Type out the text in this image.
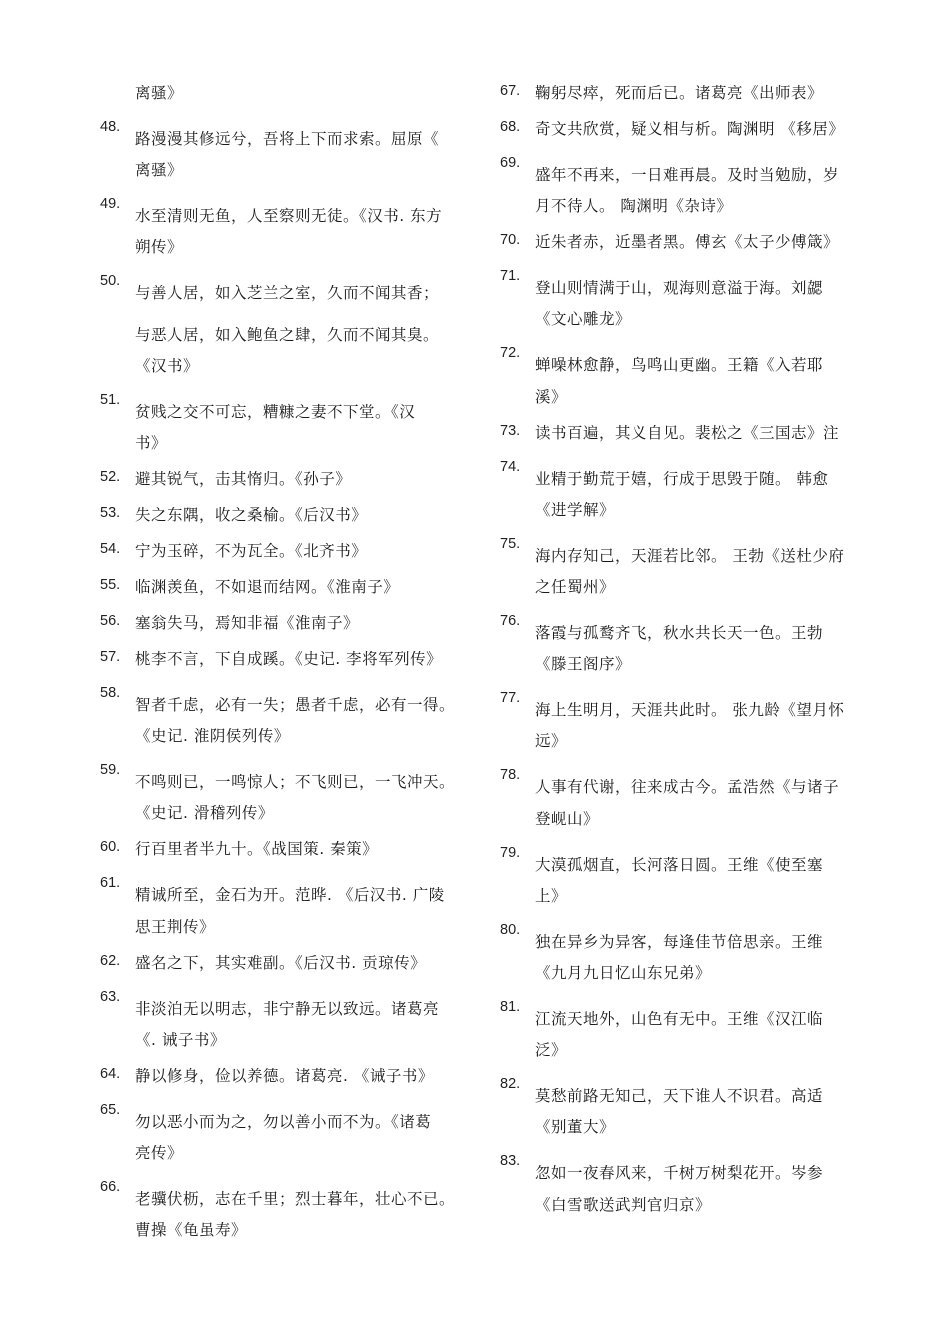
离骚》
48.
路漫漫其修远兮，吾将上下而求索。屈原《
离骚》
49.
水至清则无鱼，人至察则无徒。《汉书. 东方
朔传》
50.
与善人居，如入芝兰之室，久而不闻其香；
与恶人居，如入鲍鱼之肆，久而不闻其臭。
《汉书》
51.
贫贱之交不可忘，糟糠之妻不下堂。《汉
书》
52. 避其锐气，击其惰归。《孙子》
53. 失之东隅，收之桑榆。《后汉书》
54. 宁为玉碎，不为瓦全。《北齐书》
55. 临渊羡鱼，不如退而结网。《淮南子》
56. 塞翁失马，焉知非福《淮南子》
57. 桃李不言，下自成蹊。《史记. 李将军列传》
58.
智者千虑，必有一失；愚者千虑，必有一得。
《史记. 淮阴侯列传》
59.
不鸣则已，一鸣惊人；不飞则已，一飞冲天。
《史记. 滑稽列传》
60. 行百里者半九十。《战国策. 秦策》
61.
精诚所至，金石为开。范晔. 《后汉书. 广陵
思王荆传》
62. 盛名之下，其实难副。《后汉书. 贡琼传》
63.
非淡泊无以明志，非宁静无以致远。诸葛亮
《. 诫子书》
64. 静以修身，俭以养德。诸葛亮. 《诫子书》
65.
勿以恶小而为之，勿以善小而不为。《诸葛
亮传》
66.
老骥伏枥，志在千里；烈士暮年，壮心不已。
曹操《龟虽寿》
67. 鞠躬尽瘁，死而后已。诸葛亮《出师表》
68. 奇文共欣赏，疑义相与析。陶渊明 《移居》
69.
盛年不再来，一日难再晨。及时当勉励，岁
月不待人。 陶渊明《杂诗》
70. 近朱者赤，近墨者黑。傅玄《太子少傅箴》
71.
登山则情满于山，观海则意溢于海。刘勰
《文心雕龙》
72.
蝉噪林愈静，鸟鸣山更幽。王籍《入若耶
溪》
73. 读书百遍，其义自见。裴松之《三国志》注
74.
业精于勤荒于嬉，行成于思毁于随。 韩愈
《进学解》
75.
海内存知己，天涯若比邻。 王勃《送杜少府
之任蜀州》
76.
落霞与孤鹜齐飞，秋水共长天一色。王勃
《滕王阁序》
77.
海上生明月，天涯共此时。 张九龄《望月怀
远》
78.
人事有代谢，往来成古今。孟浩然《与诸子
登岘山》
79.
大漠孤烟直，长河落日圆。王维《使至塞
上》
80.
独在异乡为异客，每逢佳节倍思亲。王维
《九月九日忆山东兄弟》
81.
江流天地外，山色有无中。王维《汉江临
泛》
82.
莫愁前路无知己，天下谁人不识君。高适
《别董大》
83.
忽如一夜春风来，千树万树梨花开。岑参
《白雪歌送武判官归京》
